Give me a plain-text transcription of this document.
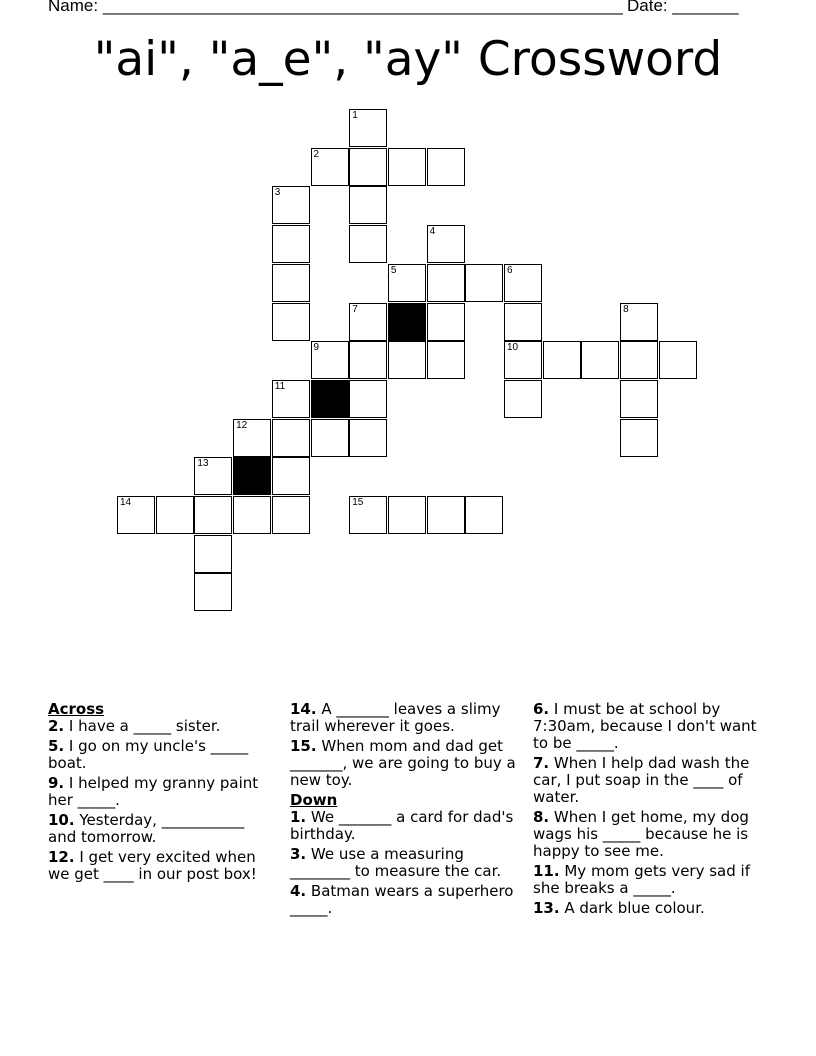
Name: _______________________________________________________ Date: _______
"ai", "a_e", "ay" Crossword
1
2
3
4
5	6
7	8
9	10
11
12
13
14	15

Across

2. I have a _____ sister.

5. I go on my uncle's _____ boat.

9. I helped my granny paint her _____.

10. Yesterday, ___________ and tomorrow.

12. I get very excited when we get ____ in our post box!

14. A _______ leaves a slimy trail wherever it goes.

15. When mom and dad get _______, we are going to buy a new toy.

Down

1. We _______ a card for dad's birthday.

3. We use a measuring ________ to measure the car.

4. Batman wears a superhero _____.

6. I must be at school by 7:30am, because I don't want to be _____.

7. When I help dad wash the car, I put soap in the ____ of water.

8. When I get home, my dog wags his _____ because he is happy to see me.

11. My mom gets very sad if she breaks a _____.

13. A dark blue colour.
